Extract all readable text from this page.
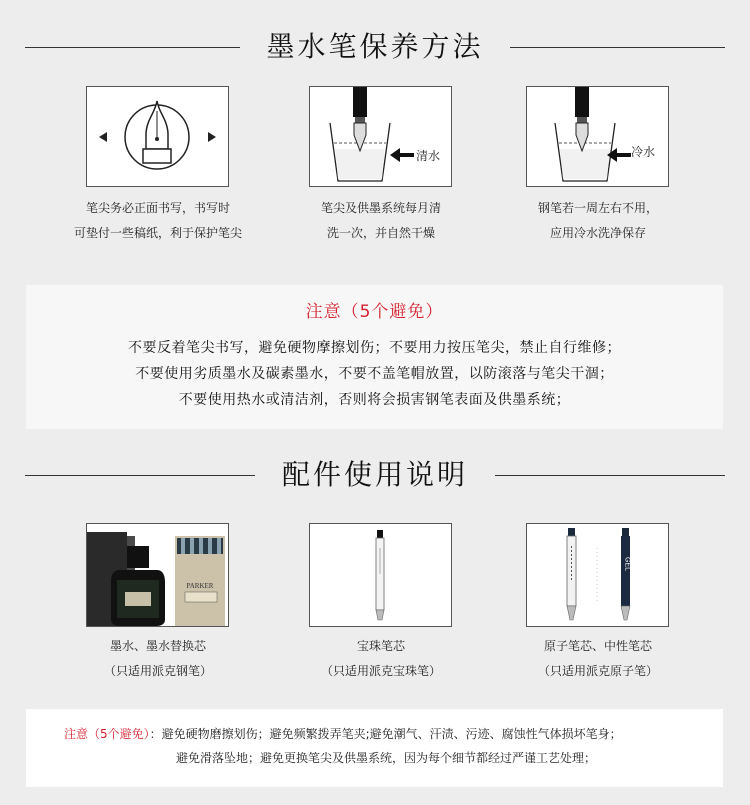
墨水笔保养方法
笔尖务必正面书写，书写时
可垫付一些稿纸，利于保护笔尖
清水
笔尖及供墨系统每月清
洗一次，并自然干燥
冷水
钢笔若一周左右不用，
应用冷水洗净保存
注意（5个避免）
不要反着笔尖书写，避免硬物摩擦划伤；不要用力按压笔尖，禁止自行维修；
不要使用劣质墨水及碳素墨水，不要不盖笔帽放置，以防滚落与笔尖干涸；
不要使用热水或清洁剂，否则将会损害钢笔表面及供墨系统；
配件使用说明
PARKER
墨水、墨水替换芯
（只适用派克钢笔）
宝珠笔芯
（只适用派克宝珠笔）
GEL
原子笔芯、中性笔芯
（只适用派克原子笔）

注意（5个避免）：避免硬物磨擦划伤；避免频繁拨弄笔夹;避免潮气、汗渍、污迹、腐蚀性气体损坏笔身；

避免滑落坠地；避免更换笔尖及供墨系统，因为每个细节都经过严谨工艺处理；
